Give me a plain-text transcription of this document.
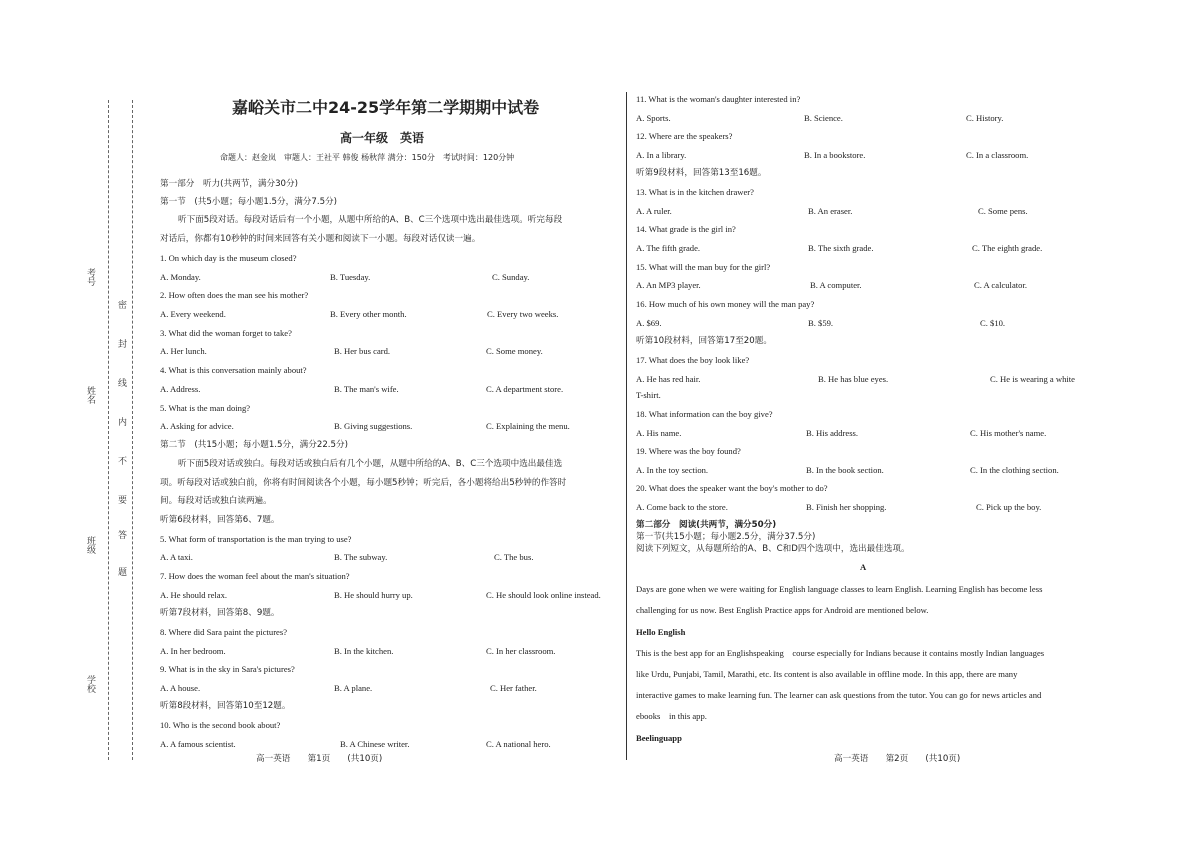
考号
姓名
班级
学校
密
封
线
内
不
要
答
题
嘉峪关市二中24-25学年第二学期期中试卷
高一年级　英语
命题人：赵金岚　审题人：王社平 韩俊 杨秋萍 满分：150分　考试时间：120分钟
第一部分　听力(共两节，满分30分)
第一节　(共5小题；每小题1.5分，满分7.5分)
听下面5段对话。每段对话后有一个小题，从题中所给的A、B、C三个选项中选出最佳选项。听完每段
对话后，你都有10秒钟的时间来回答有关小题和阅读下一小题。每段对话仅读一遍。
1. On which day is the museum closed?
A. Monday.	B. Tuesday.	C. Sunday.
2. How often does the man see his mother?
A. Every weekend.	B. Every other month.	C. Every two weeks.
3. What did the woman forget to take?
A. Her lunch.	B. Her bus card.	C. Some money.
4. What is this conversation mainly about?
A. Address.	B. The man's wife.	C. A department store.
5. What is the man doing?
A. Asking for advice.	B. Giving suggestions.	C. Explaining the menu.
第二节　(共15小题；每小题1.5分，满分22.5分)
听下面5段对话或独白。每段对话或独白后有几个小题，从题中所给的A、B、C三个选项中选出最佳选
项。听每段对话或独白前，你将有时间阅读各个小题，每小题5秒钟；听完后，各小题将给出5秒钟的作答时
间。每段对话或独白读两遍。
听第6段材料，回答第6、7题。
5. What form of transportation is the man trying to use?
A. A taxi.	B. The subway.	C. The bus.
7. How does the woman feel about the man's situation?
A. He should relax.	B. He should hurry up.	C. He should look online instead.
听第7段材料，回答第8、9题。
8. Where did Sara paint the pictures?
A. In her bedroom.	B. In the kitchen.	C. In her classroom.
9. What is in the sky in Sara's pictures?
A. A house.	B. A plane.	C. Her father.
听第8段材料，回答第10至12题。
10. Who is the second book about?
A. A famous scientist.	B. A Chinese writer.	C. A national hero.
高一英语　　第1页　　(共10页)
11. What is the woman's daughter interested in?
A. Sports.	B. Science.	C. History.
12. Where are the speakers?
A. In a library.	B. In a bookstore.	C. In a classroom.
听第9段材料，回答第13至16题。
13. What is in the kitchen drawer?
A. A ruler.	B. An eraser.	C. Some pens.
14. What grade is the girl in?
A. The fifth grade.	B. The sixth grade.	C. The eighth grade.
15. What will the man buy for the girl?
A. An MP3 player.	B. A computer.	C. A calculator.
16. How much of his own money will the man pay?
A. $69.	B. $59.	C. $10.
听第10段材料，回答第17至20题。
17. What does the boy look like?
A. He has red hair.	B. He has blue eyes.	C. He is wearing a white
T-shirt.
18. What information can the boy give?
A. His name.	B. His address.	C. His mother's name.
19. Where was the boy found?
A. In the toy section.	B. In the book section.	C. In the clothing section.
20. What does the speaker want the boy's mother to do?
A. Come back to the store.	B. Finish her shopping.	C. Pick up the boy.
第二部分　阅读(共两节，满分50分)
第一节(共15小题；每小题2.5分，满分37.5分)
阅读下列短文，从每题所给的A、B、C和D四个选项中，选出最佳选项。
A
Days are gone when we were waiting for English language classes to learn English. Learning English has become less
challenging for us now. Best English Practice apps for Android are mentioned below.
Hello English
This is the best app for an Englishspeaking　course especially for Indians because it contains mostly Indian languages
like Urdu, Punjabi, Tamil, Marathi, etc. Its content is also available in offline mode. In this app, there are many
interactive games to make learning fun. The learner can ask questions from the tutor. You can go for news articles and
ebooks　in this app.
Beelinguapp
高一英语　　第2页　　(共10页)
